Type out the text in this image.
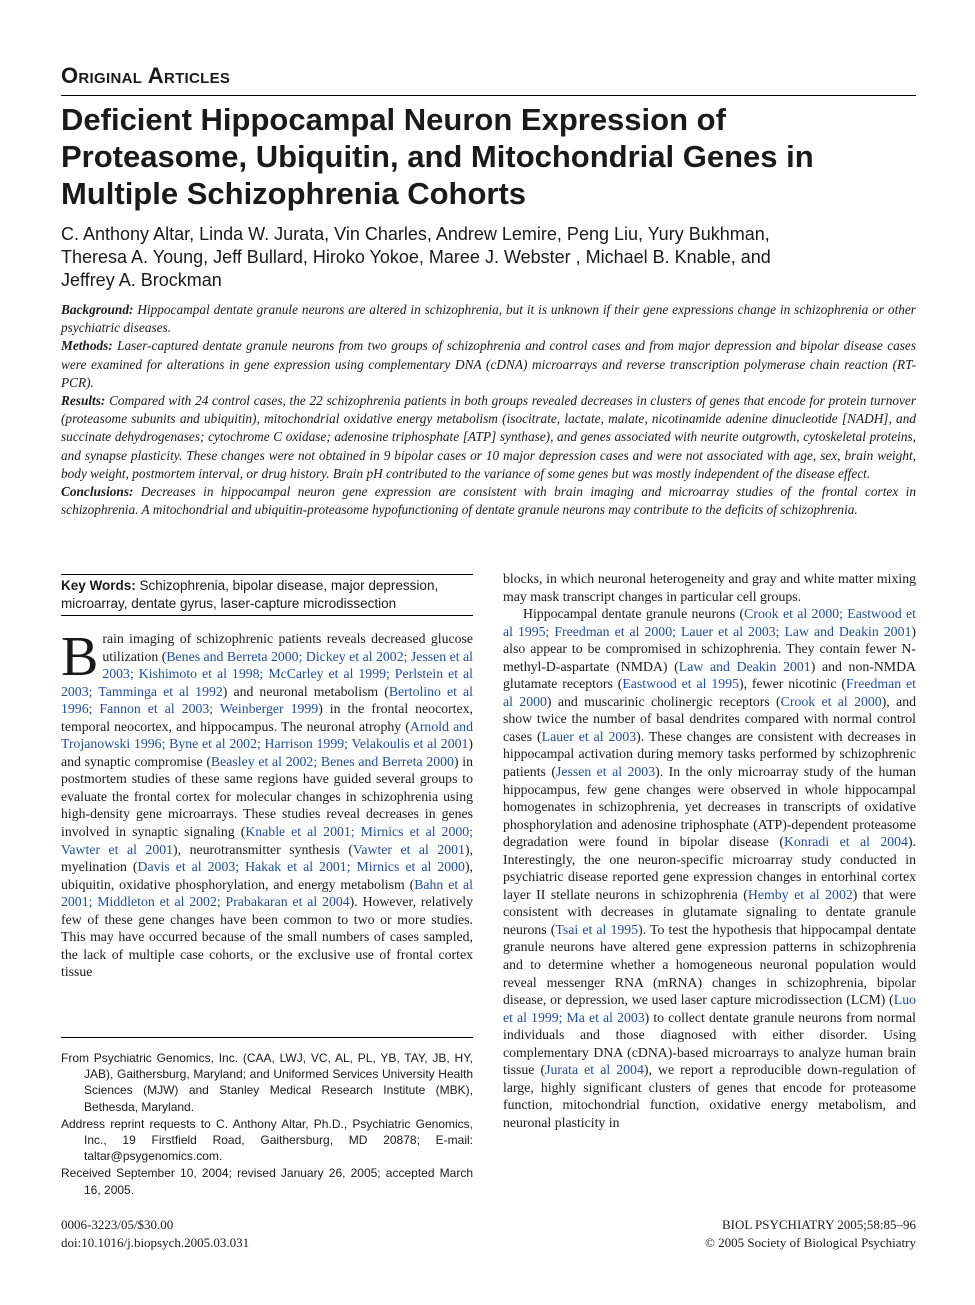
Original Articles
Deficient Hippocampal Neuron Expression of Proteasome, Ubiquitin, and Mitochondrial Genes in Multiple Schizophrenia Cohorts
C. Anthony Altar, Linda W. Jurata, Vin Charles, Andrew Lemire, Peng Liu, Yury Bukhman, Theresa A. Young, Jeff Bullard, Hiroko Yokoe, Maree J. Webster , Michael B. Knable, and Jeffrey A. Brockman

Background: Hippocampal dentate granule neurons are altered in schizophrenia, but it is unknown if their gene expressions change in schizophrenia or other psychiatric diseases.

Methods: Laser-captured dentate granule neurons from two groups of schizophrenia and control cases and from major depression and bipolar disease cases were examined for alterations in gene expression using complementary DNA (cDNA) microarrays and reverse transcription polymerase chain reaction (RT-PCR).

Results: Compared with 24 control cases, the 22 schizophrenia patients in both groups revealed decreases in clusters of genes that encode for protein turnover (proteasome subunits and ubiquitin), mitochondrial oxidative energy metabolism (isocitrate, lactate, malate, nicotinamide adenine dinucleotide [NADH], and succinate dehydrogenases; cytochrome C oxidase; adenosine triphosphate [ATP] synthase), and genes associated with neurite outgrowth, cytoskeletal proteins, and synapse plasticity. These changes were not obtained in 9 bipolar cases or 10 major depression cases and were not associated with age, sex, brain weight, body weight, postmortem interval, or drug history. Brain pH contributed to the variance of some genes but was mostly independent of the disease effect.

Conclusions: Decreases in hippocampal neuron gene expression are consistent with brain imaging and microarray studies of the frontal cortex in schizophrenia. A mitochondrial and ubiquitin-proteasome hypofunctioning of dentate granule neurons may contribute to the deficits of schizophrenia.

Key Words: Schizophrenia, bipolar disease, major depression, microarray, dentate gyrus, laser-capture microdissection

Brain imaging of schizophrenic patients reveals decreased glucose utilization (Benes and Berreta 2000; Dickey et al 2002; Jessen et al 2003; Kishimoto et al 1998; McCarley et al 1999; Perlstein et al 2003; Tamminga et al 1992) and neuronal metabolism (Bertolino et al 1996; Fannon et al 2003; Weinberger 1999) in the frontal neocortex, temporal neocortex, and hippocampus. The neuronal atrophy (Arnold and Trojanowski 1996; Byne et al 2002; Harrison 1999; Velakoulis et al 2001) and synaptic compromise (Beasley et al 2002; Benes and Berreta 2000) in postmortem studies of these same regions have guided several groups to evaluate the frontal cortex for molecular changes in schizophrenia using high-density gene microarrays. These studies reveal decreases in genes involved in synaptic signaling (Knable et al 2001; Mirnics et al 2000; Vawter et al 2001), neurotransmitter synthesis (Vawter et al 2001), myelination (Davis et al 2003; Hakak et al 2001; Mirnics et al 2000), ubiquitin, oxidative phosphorylation, and energy metabolism (Bahn et al 2001; Middleton et al 2002; Prabakaran et al 2004). However, relatively few of these gene changes have been common to two or more studies. This may have occurred because of the small numbers of cases sampled, the lack of multiple case cohorts, or the exclusive use of frontal cortex tissue

blocks, in which neuronal heterogeneity and gray and white matter mixing may mask transcript changes in particular cell groups.

Hippocampal dentate granule neurons (Crook et al 2000; Eastwood et al 1995; Freedman et al 2000; Lauer et al 2003; Law and Deakin 2001) also appear to be compromised in schizophrenia. They contain fewer N-methyl-D-aspartate (NMDA) (Law and Deakin 2001) and non-NMDA glutamate receptors (Eastwood et al 1995), fewer nicotinic (Freedman et al 2000) and muscarinic cholinergic receptors (Crook et al 2000), and show twice the number of basal dendrites compared with normal control cases (Lauer et al 2003). These changes are consistent with decreases in hippocampal activation during memory tasks performed by schizophrenic patients (Jessen et al 2003). In the only microarray study of the human hippocampus, few gene changes were observed in whole hippocampal homogenates in schizophrenia, yet decreases in transcripts of oxidative phosphorylation and adenosine triphosphate (ATP)-dependent proteasome degradation were found in bipolar disease (Konradi et al 2004). Interestingly, the one neuron-specific microarray study conducted in psychiatric disease reported gene expression changes in entorhinal cortex layer II stellate neurons in schizophrenia (Hemby et al 2002) that were consistent with decreases in glutamate signaling to dentate granule neurons (Tsai et al 1995). To test the hypothesis that hippocampal dentate granule neurons have altered gene expression patterns in schizophrenia and to determine whether a homogeneous neuronal population would reveal messenger RNA (mRNA) changes in schizophrenia, bipolar disease, or depression, we used laser capture microdissection (LCM) (Luo et al 1999; Ma et al 2003) to collect dentate granule neurons from normal individuals and those diagnosed with either disorder. Using complementary DNA (cDNA)-based microarrays to analyze human brain tissue (Jurata et al 2004), we report a reproducible down-regulation of large, highly significant clusters of genes that encode for proteasome function, mitochondrial function, oxidative energy metabolism, and neuronal plasticity in

From Psychiatric Genomics, Inc. (CAA, LWJ, VC, AL, PL, YB, TAY, JB, HY, JAB), Gaithersburg, Maryland; and Uniformed Services University Health Sciences (MJW) and Stanley Medical Research Institute (MBK), Bethesda, Maryland.

Address reprint requests to C. Anthony Altar, Ph.D., Psychiatric Genomics, Inc., 19 Firstfield Road, Gaithersburg, MD 20878; E-mail: taltar@psygenomics.com.

Received September 10, 2004; revised January 26, 2005; accepted March 16, 2005.

0006-3223/05/$30.00
doi:10.1016/j.biopsych.2005.03.031
BIOL PSYCHIATRY 2005;58:85–96
© 2005 Society of Biological Psychiatry
